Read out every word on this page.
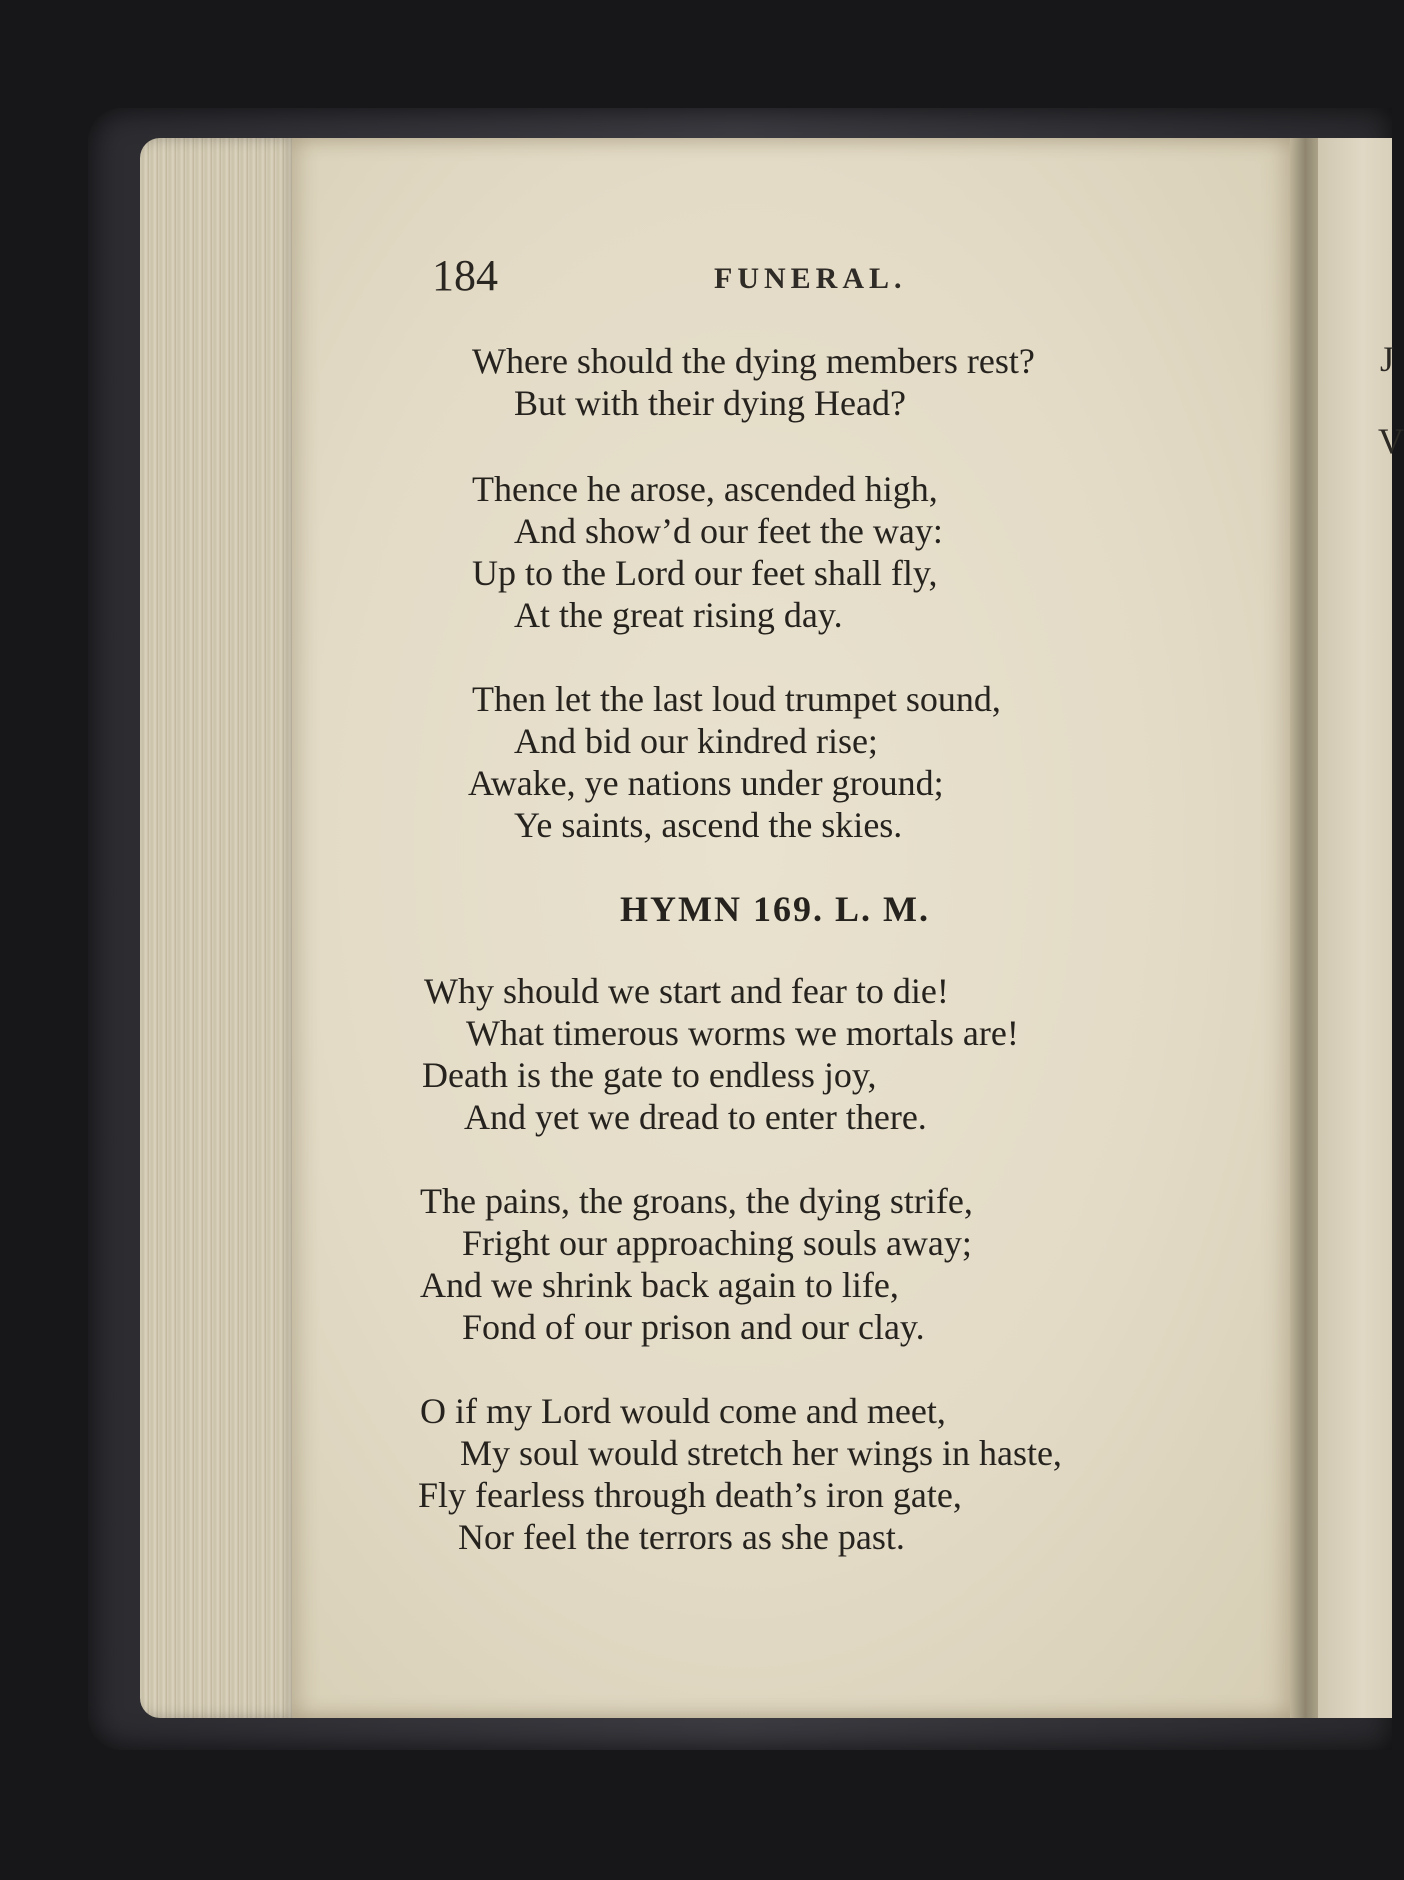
J
V
184	FUNERAL.
Where should the dying members rest?
But with their dying Head?
Thence he arose, ascended high,
And show’d our feet the way:
Up to the Lord our feet shall fly,
At the great rising day.
Then let the last loud trumpet sound,
And bid our kindred rise;
Awake, ye nations under ground;
Ye saints, ascend the skies.
HYMN 169. L. M.
Why should we start and fear to die!
What timerous worms we mortals are!
Death is the gate to endless joy,
And yet we dread to enter there.
The pains, the groans, the dying strife,
Fright our approaching souls away;
And we shrink back again to life,
Fond of our prison and our clay.
O if my Lord would come and meet,
My soul would stretch her wings in haste,
Fly fearless through death’s iron gate,
Nor feel the terrors as she past.
